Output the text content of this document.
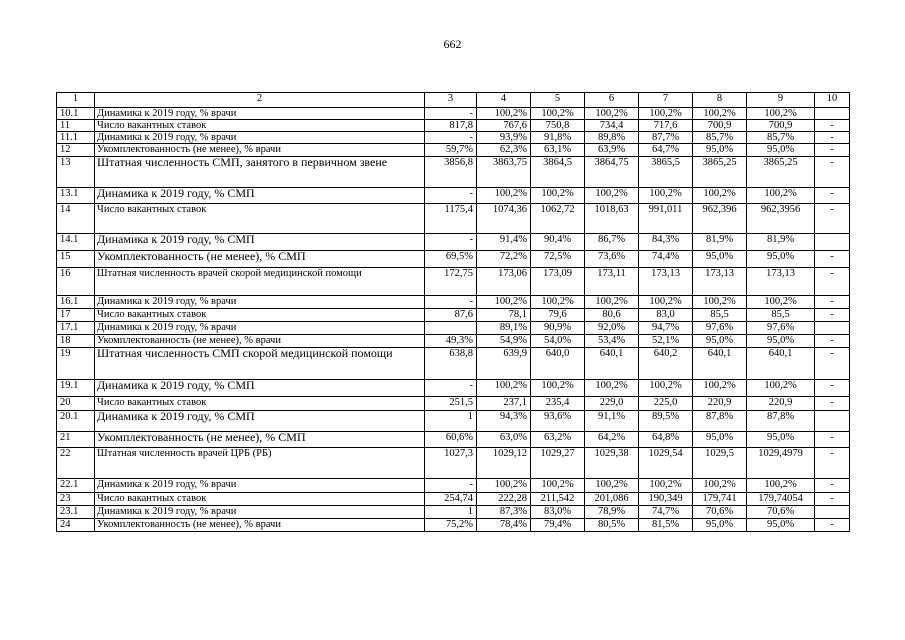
662
1	2	3	4	5	6	7	8	9	10
10.1	Динамика к 2019 году, % врачи	-	100,2%	100,2%	100,2%	100,2%	100,2%	100,2%	
11	Число вакантных ставок	817,8	767,6	750,8	734,4	717,6	700,9	700,9	-
11.1	Динамика к 2019 году, % врачи	-	93,9%	91,8%	89,8%	87,7%	85,7%	85,7%	-
12	Укомплектованность (не менее), % врачи	59,7%	62,3%	63,1%	63,9%	64,7%	95,0%	95,0%	-
13	Штатная численность СМП, занятого в первичном звене	3856,8	3863,75	3864,5	3864,75	3865,5	3865,25	3865,25	-
13.1	Динамика к 2019 году, % СМП	-	100,2%	100,2%	100,2%	100,2%	100,2%	100,2%	-
14	Число вакантных ставок	1175,4	1074,36	1062,72	1018,63	991,011	962,396	962,3956	-
14.1	Динамика к 2019 году, % СМП	-	91,4%	90,4%	86,7%	84,3%	81,9%	81,9%	
15	Укомплектованность (не менее), % СМП	69,5%	72,2%	72,5%	73,6%	74,4%	95,0%	95,0%	-
16	Штатная численность врачей скорой медицинской помощи	172,75	173,06	173,09	173,11	173,13	173,13	173,13	-
16.1	Динамика к 2019 году, % врачи	-	100,2%	100,2%	100,2%	100,2%	100,2%	100,2%	-
17	Число вакантных ставок	87,6	78,1	79,6	80,6	83,0	85,5	85,5	-
17.1	Динамика к 2019 году, % врачи		89,1%	90,9%	92,0%	94,7%	97,6%	97,6%	
18	Укомплектованность (не менее), % врачи	49,3%	54,9%	54,0%	53,4%	52,1%	95,0%	95,0%	-
19	Штатная численность СМП скорой медицинской помощи	638,8	639,9	640,0	640,1	640,2	640,1	640,1	-
19.1	Динамика к 2019 году, % СМП	-	100,2%	100,2%	100,2%	100,2%	100,2%	100,2%	-
20	Число вакантных ставок	251,5	237,1	235,4	229,0	225,0	220,9	220,9	-
20.1	Динамика к 2019 году, % СМП	1	94,3%	93,6%	91,1%	89,5%	87,8%	87,8%	
21	Укомплектованность (не менее), % СМП	60,6%	63,0%	63,2%	64,2%	64,8%	95,0%	95,0%	-
22	Штатная численность врачей ЦРБ (РБ)	1027,3	1029,12	1029,27	1029,38	1029,54	1029,5	1029,4979	-
22.1	Динамика к 2019 году, % врачи	-	100,2%	100,2%	100,2%	100,2%	100,2%	100,2%	-
23	Число вакантных ставок	254,74	222,28	211,542	201,086	190,349	179,741	179,74054	-
23.1	Динамика к 2019 году, % врачи	1	87,3%	83,0%	78,9%	74,7%	70,6%	70,6%	
24	Укомплектованность (не менее), % врачи	75,2%	78,4%	79,4%	80,5%	81,5%	95,0%	95,0%	-
